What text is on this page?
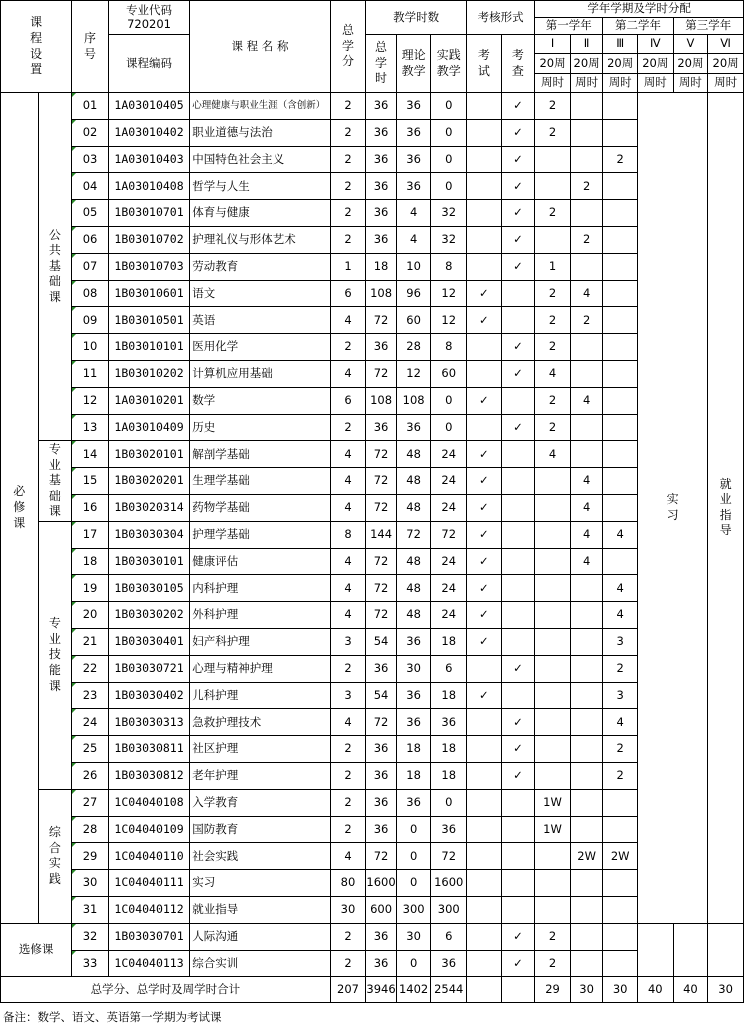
课程设置		序号	专业代码
720201	课 程 名 称	总学分	教学时数			考核形式		学年学期及学时分配					
											第一学年		第二学年		第三学年	
			课程编码			总学时	理论教学	实践教学	考试	考查	Ⅰ	Ⅱ	Ⅲ	Ⅳ	Ⅴ	Ⅵ
											20周	20周	20周	20周	20周	20周
											周时	周时	周时	周时	周时	周时
必修课	公共基础课	01	1A03010405	心理健康与职业生涯（含创新）	2	36	36	0		✓	2			实习		就业指导
		02	1A03010402	职业道德与法治	2	36	36	0		✓	2					
		03	1A03010403	中国特色社会主义	2	36	36	0		✓			2			
		04	1A03010408	哲学与人生	2	36	36	0		✓		2				
		05	1B03010701	体育与健康	2	36	4	32		✓	2					
		06	1B03010702	护理礼仪与形体艺术	2	36	4	32		✓		2				
		07	1B03010703	劳动教育	1	18	10	8		✓	1					
		08	1B03010601	语文	6	108	96	12	✓		2	4				
		09	1B03010501	英语	4	72	60	12	✓		2	2				
		10	1B03010101	医用化学	2	36	28	8		✓	2					
		11	1B03010202	计算机应用基础	4	72	12	60		✓	4					
		12	1A03010201	数学	6	108	108	0	✓		2	4				
		13	1A03010409	历史	2	36	36	0		✓	2					
	专业基础课	14	1B03020101	解剖学基础	4	72	48	24	✓		4					
		15	1B03020201	生理学基础	4	72	48	24	✓			4				
		16	1B03020314	药物学基础	4	72	48	24	✓			4				
	专业技能课	17	1B03030304	护理学基础	8	144	72	72	✓			4	4			
		18	1B03030101	健康评估	4	72	48	24	✓			4				
		19	1B03030105	内科护理	4	72	48	24	✓				4			
		20	1B03030202	外科护理	4	72	48	24	✓				4			
		21	1B03030401	妇产科护理	3	54	36	18	✓				3			
		22	1B03030721	心理与精神护理	2	36	30	6		✓			2			
		23	1B03030402	儿科护理	3	54	36	18	✓				3			
		24	1B03030313	急救护理技术	4	72	36	36		✓			4			
		25	1B03030811	社区护理	2	36	18	18		✓			2			
		26	1B03030812	老年护理	2	36	18	18		✓			2			
	综合实践	27	1C04040108	入学教育	2	36	36	0			1W					
		28	1C04040109	国防教育	2	36	0	36			1W					
		29	1C04040110	社会实践	4	72	0	72				2W	2W			
		30	1C04040111	实习	80	1600	0	1600								
		31	1C04040112	就业指导	30	600	300	300								
选修课		32	1B03030701	人际沟通	2	36	30	6		✓	2					
		33	1C04040113	综合实训	2	36	0	36		✓	2					
总学分、总学时及周学时合计					207	3946	1402	2544			29	30	30	40	40	30
备注：数学、语文、英语第一学期为考试课
